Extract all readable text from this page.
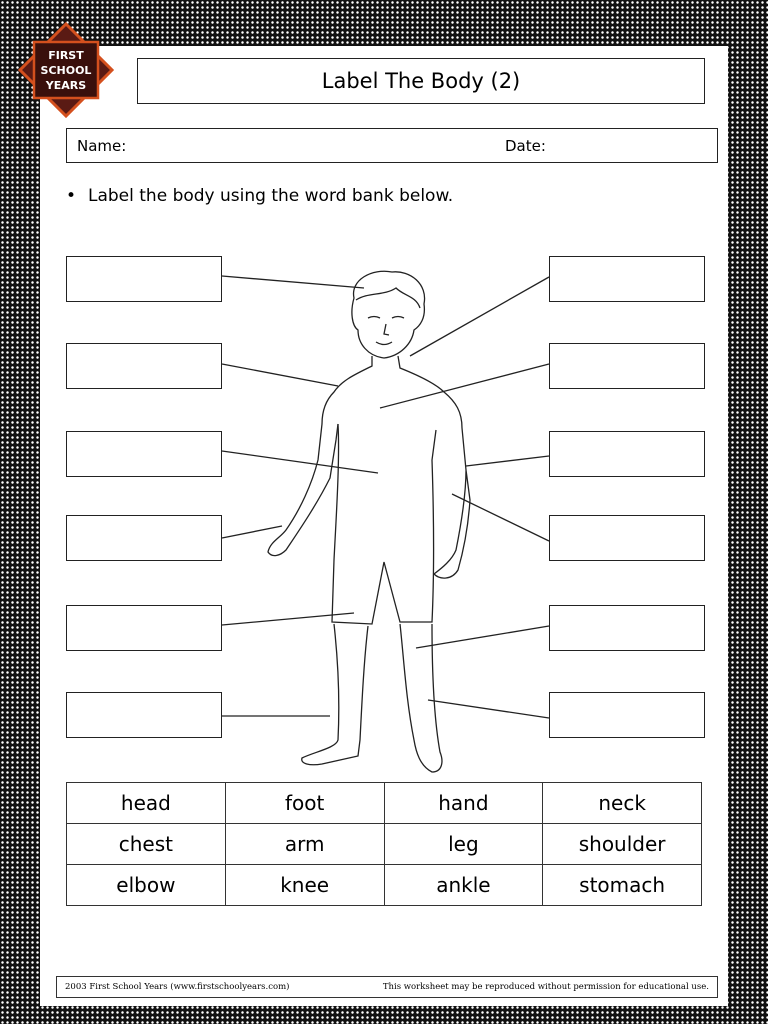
FIRST
SCHOOL
YEARS	Label The Body (2)
Name:	Date:
• Label the body using the word bank below.
head	foot	hand	neck
chest	arm	leg	shoulder
elbow	knee	ankle	stomach
2003 First School Years (www.firstschoolyears.com)	This worksheet may be reproduced without permission for educational use.
